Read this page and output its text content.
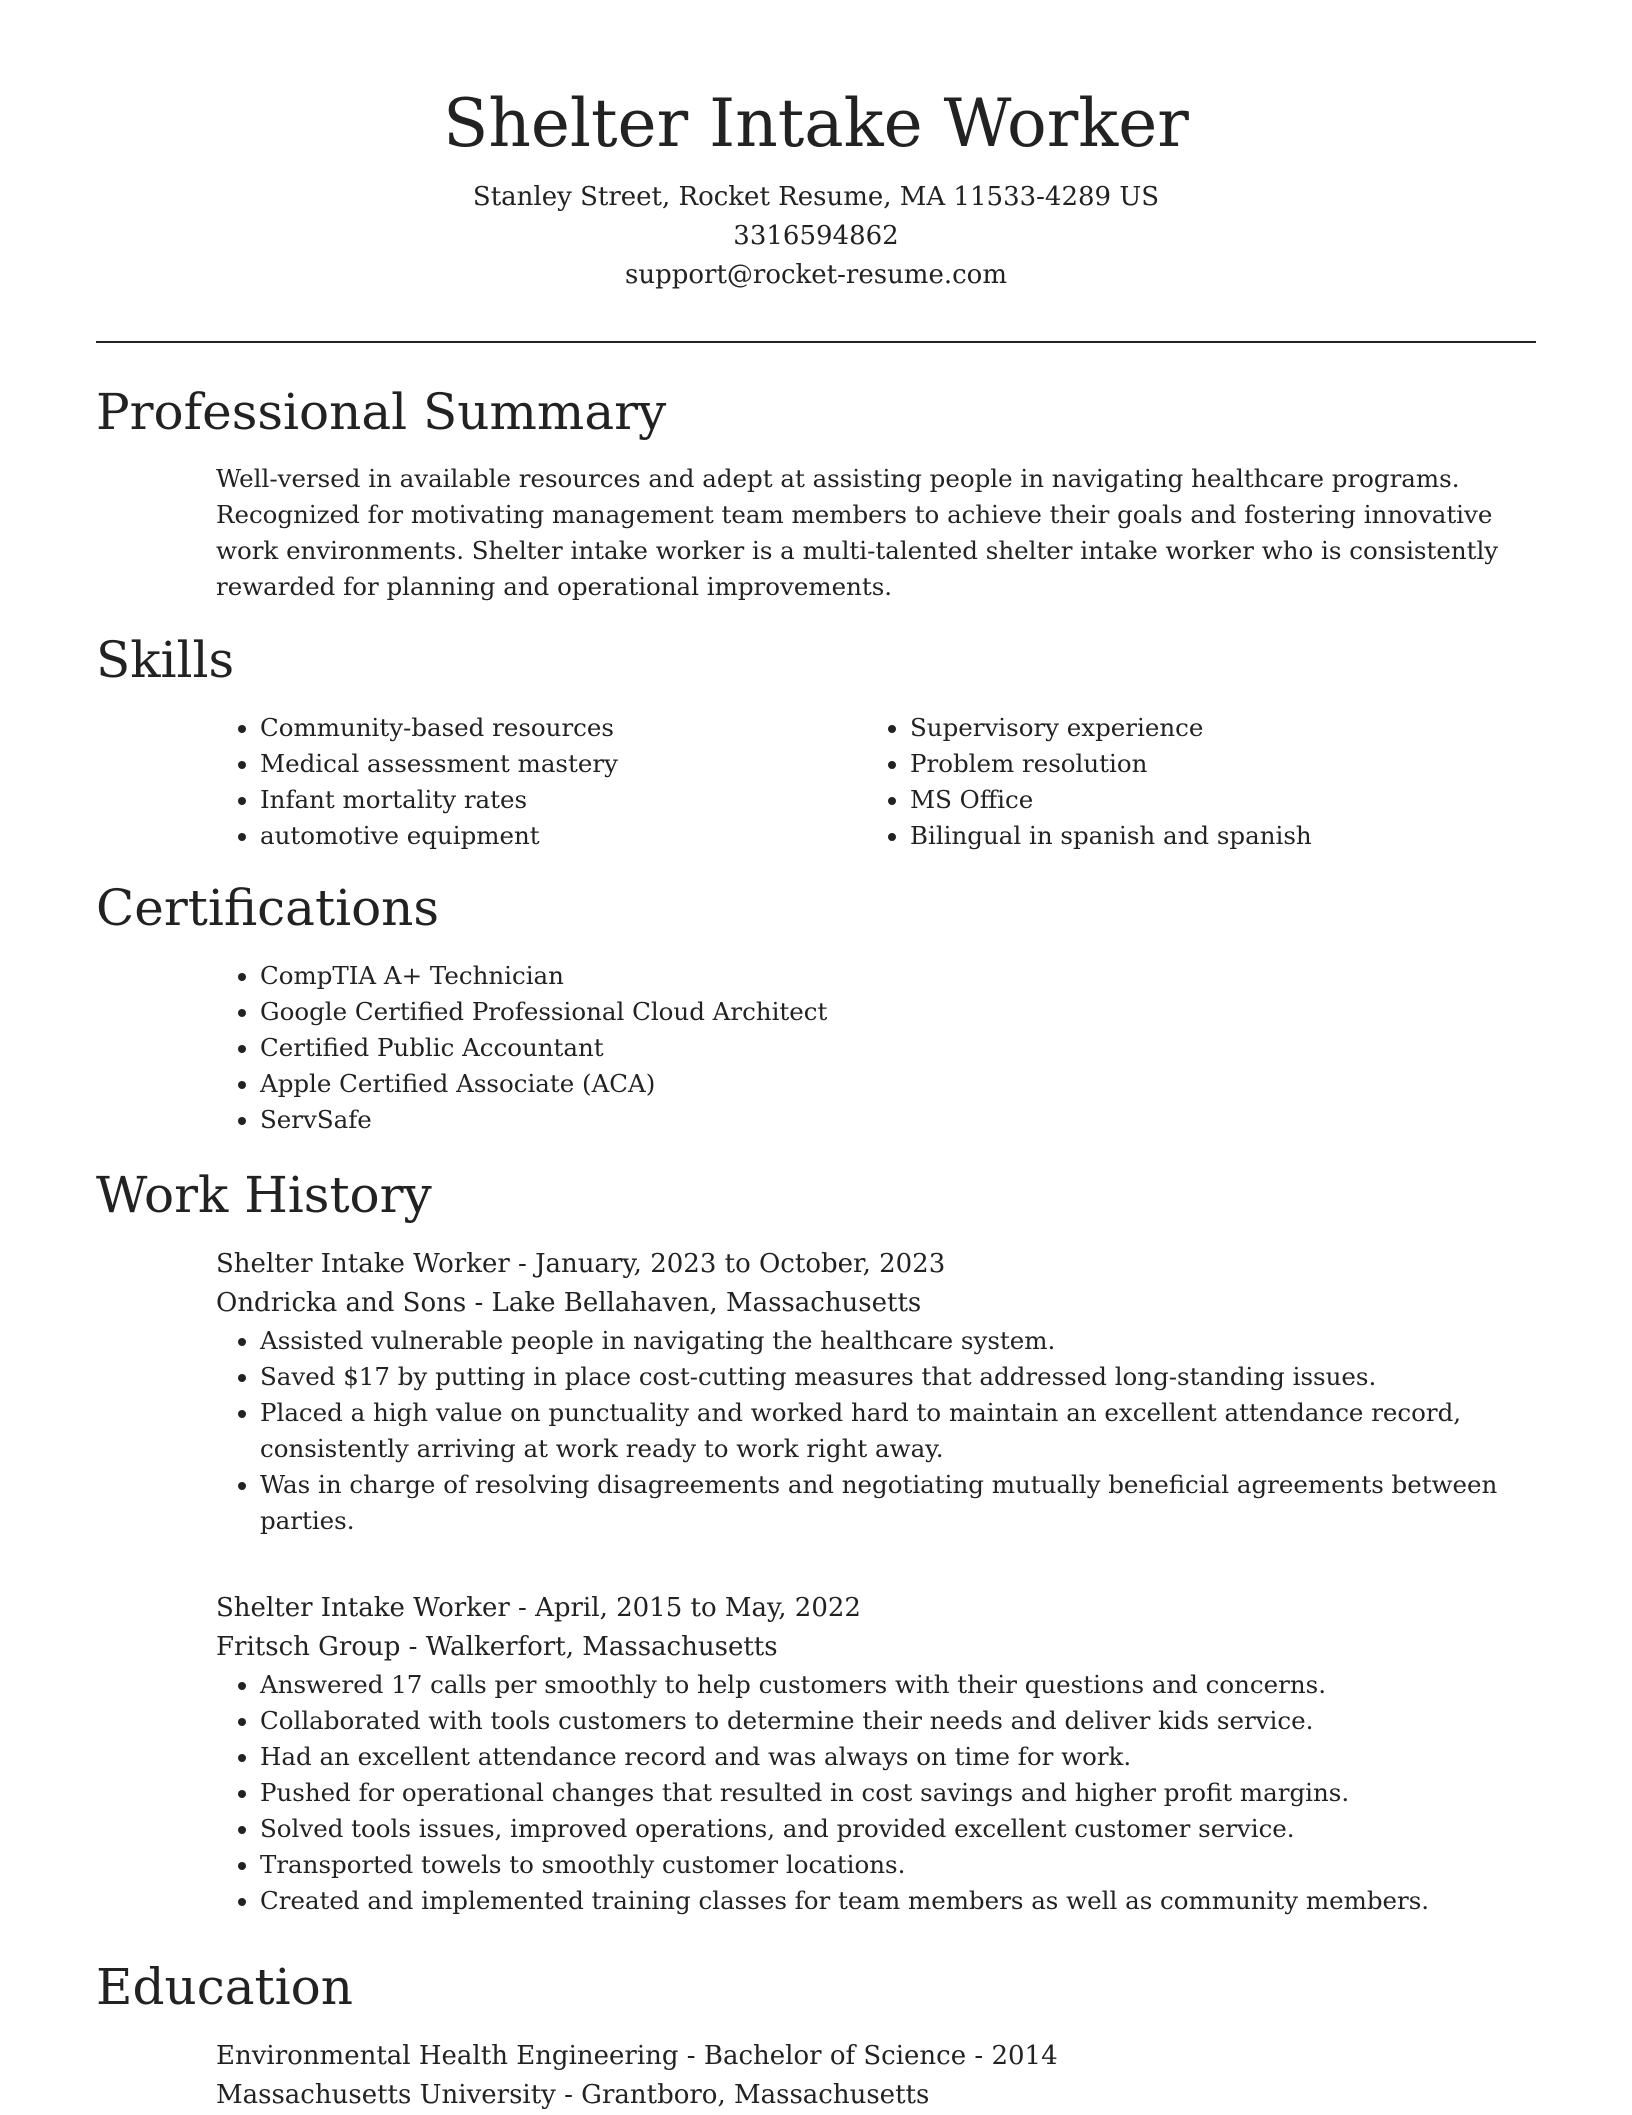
Shelter Intake Worker
Stanley Street, Rocket Resume, MA 11533-4289 US
3316594862
support@rocket-resume.com
Professional Summary
Well-versed in available resources and adept at assisting people in navigating healthcare programs. Recognized for motivating management team members to achieve their goals and fostering innovative work environments. Shelter intake worker is a multi-talented shelter intake worker who is consistently rewarded for planning and operational improvements.
Skills
• Community-based resources
• Medical assessment mastery
• Infant mortality rates
• automotive equipment
• Supervisory experience
• Problem resolution
• MS Office
• Bilingual in spanish and spanish
Certifications
• CompTIA A+ Technician
• Google Certified Professional Cloud Architect
• Certified Public Accountant
• Apple Certified Associate (ACA)
• ServSafe
Work History
Shelter Intake Worker - January, 2023 to October, 2023
Ondricka and Sons - Lake Bellahaven, Massachusetts
• Assisted vulnerable people in navigating the healthcare system.
• Saved $17 by putting in place cost-cutting measures that addressed long-standing issues.
• Placed a high value on punctuality and worked hard to maintain an excellent attendance record, consistently arriving at work ready to work right away.
• Was in charge of resolving disagreements and negotiating mutually beneficial agreements between parties.
Shelter Intake Worker - April, 2015 to May, 2022
Fritsch Group - Walkerfort, Massachusetts
• Answered 17 calls per smoothly to help customers with their questions and concerns.
• Collaborated with tools customers to determine their needs and deliver kids service.
• Had an excellent attendance record and was always on time for work.
• Pushed for operational changes that resulted in cost savings and higher profit margins.
• Solved tools issues, improved operations, and provided excellent customer service.
• Transported towels to smoothly customer locations.
• Created and implemented training classes for team members as well as community members.
Education
Environmental Health Engineering - Bachelor of Science - 2014
Massachusetts University - Grantboro, Massachusetts
